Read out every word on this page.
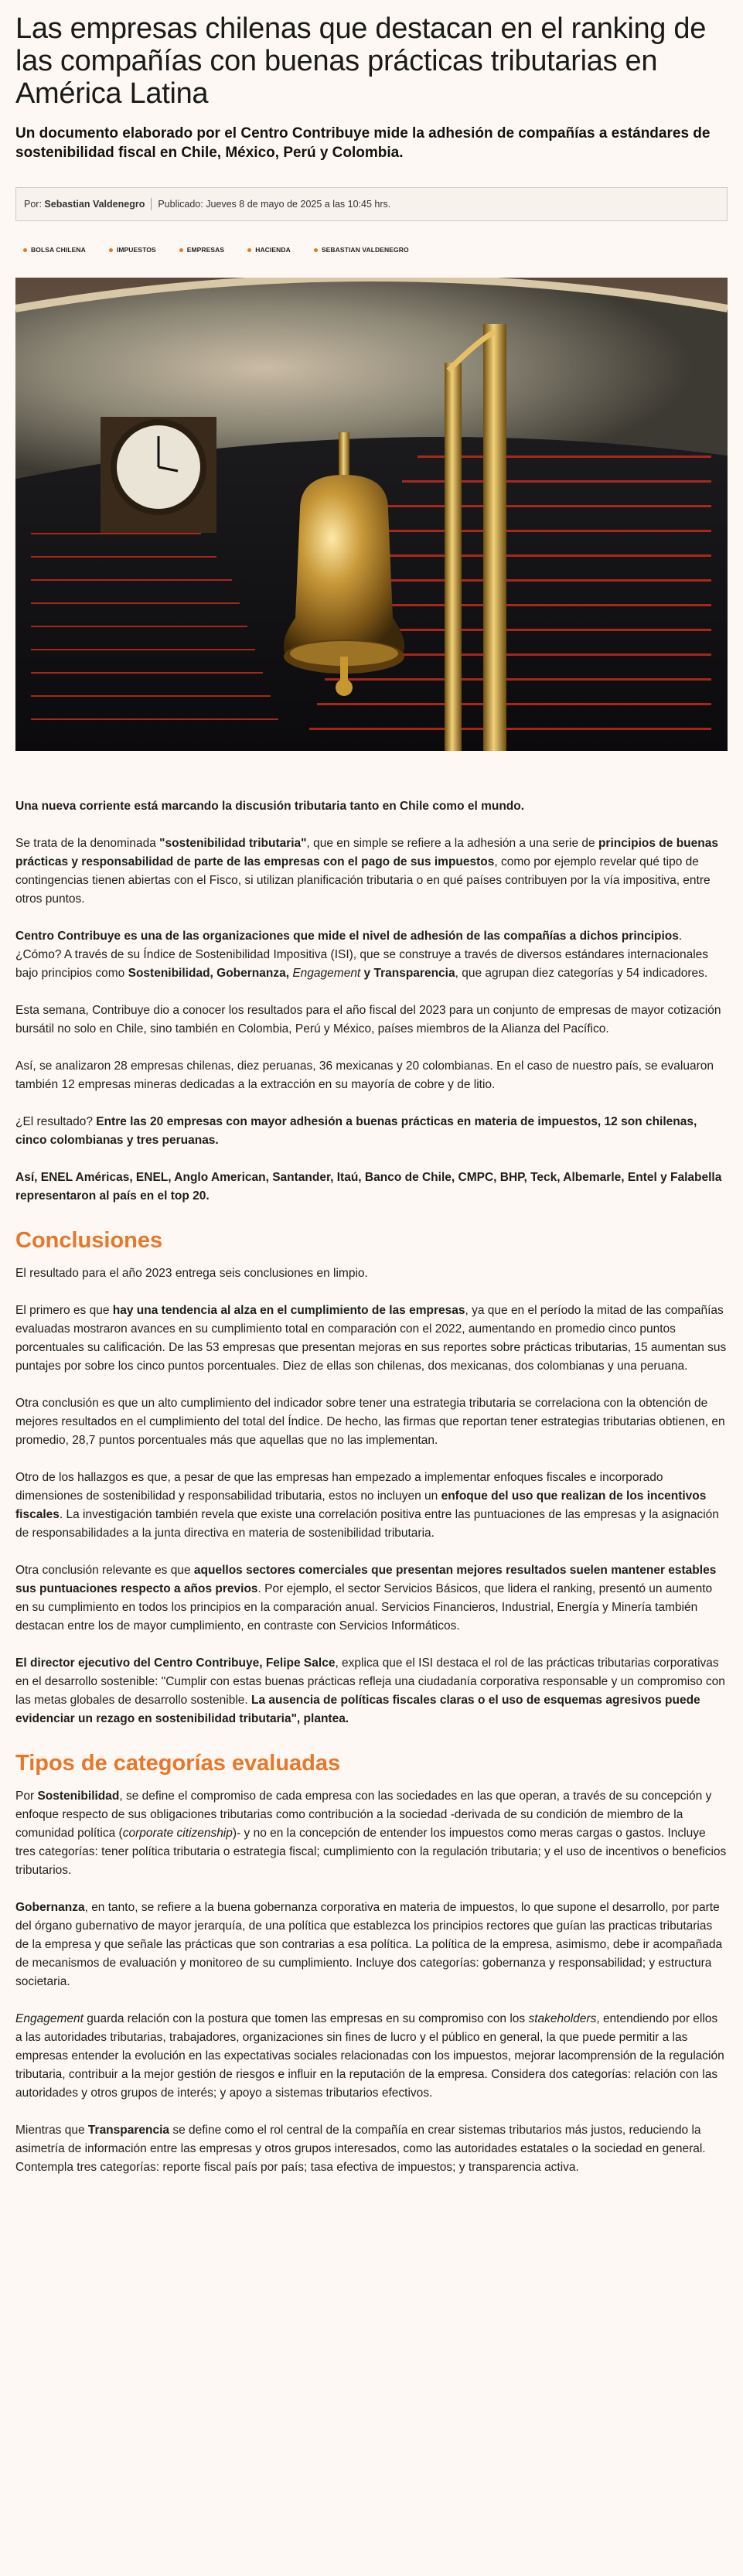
Las empresas chilenas que destacan en el ranking de las compañías con buenas prácticas tributarias en América Latina
Un documento elaborado por el Centro Contribuye mide la adhesión de compañías a estándares de sostenibilidad fiscal en Chile, México, Perú y Colombia.
Por:
Sebastian Valdenegro Publicado: Jueves 8 de mayo de 2025 a las 10:45 hrs.
BOLSA CHILENA	IMPUESTOS	EMPRESAS	HACIENDA	SEBASTIAN VALDENEGRO

Una nueva corriente está marcando la discusión tributaria tanto en Chile como el mundo.

Se trata de la denominada "sostenibilidad tributaria", que en simple se refiere a la adhesión a una serie de principios de buenas prácticas y responsabilidad de parte de las empresas con el pago de sus impuestos, como por ejemplo revelar qué tipo de contingencias tienen abiertas con el Fisco, si utilizan planificación tributaria o en qué países contribuyen por la vía impositiva, entre otros puntos.

Centro Contribuye es una de las organizaciones que mide el nivel de adhesión de las compañías a dichos principios. ¿Cómo? A través de su Índice de Sostenibilidad Impositiva (ISI), que se construye a través de diversos estándares internacionales bajo principios como Sostenibilidad, Gobernanza, Engagement y Transparencia, que agrupan diez categorías y 54 indicadores.

Esta semana, Contribuye dio a conocer los resultados para el año fiscal del 2023 para un conjunto de empresas de mayor cotización bursátil no solo en Chile, sino también en Colombia, Perú y México, países miembros de la Alianza del Pacífico.

Así, se analizaron 28 empresas chilenas, diez peruanas, 36 mexicanas y 20 colombianas. En el caso de nuestro país, se evaluaron también 12 empresas mineras dedicadas a la extracción en su mayoría de cobre y de litio.

¿El resultado? Entre las 20 empresas con mayor adhesión a buenas prácticas en materia de impuestos, 12 son chilenas, cinco colombianas y tres peruanas.

Así, ENEL Américas, ENEL, Anglo American, Santander, Itaú, Banco de Chile, CMPC, BHP, Teck, Albemarle, Entel y Falabella representaron al país en el top 20.

Conclusiones

El resultado para el año 2023 entrega seis conclusiones en limpio.

El primero es que hay una tendencia al alza en el cumplimiento de las empresas, ya que en el período la mitad de las compañías evaluadas mostraron avances en su cumplimiento total en comparación con el 2022, aumentando en promedio cinco puntos porcentuales su calificación. De las 53 empresas que presentan mejoras en sus reportes sobre prácticas tributarias, 15 aumentan sus puntajes por sobre los cinco puntos porcentuales. Diez de ellas son chilenas, dos mexicanas, dos colombianas y una peruana.

Otra conclusión es que un alto cumplimiento del indicador sobre tener una estrategia tributaria se correlaciona con la obtención de mejores resultados en el cumplimiento del total del Índice. De hecho, las firmas que reportan tener estrategias tributarias obtienen, en promedio, 28,7 puntos porcentuales más que aquellas que no las implementan.

Otro de los hallazgos es que, a pesar de que las empresas han empezado a implementar enfoques fiscales e incorporado dimensiones de sostenibilidad y responsabilidad tributaria, estos no incluyen un enfoque del uso que realizan de los incentivos fiscales. La investigación también revela que existe una correlación positiva entre las puntuaciones de las empresas y la asignación de responsabilidades a la junta directiva en materia de sostenibilidad tributaria.

Otra conclusión relevante es que aquellos sectores comerciales que presentan mejores resultados suelen mantener estables sus puntuaciones respecto a años previos. Por ejemplo, el sector Servicios Básicos, que lidera el ranking, presentó un aumento en su cumplimiento en todos los principios en la comparación anual. Servicios Financieros, Industrial, Energía y Minería también destacan entre los de mayor cumplimiento, en contraste con Servicios Informáticos.

El director ejecutivo del Centro Contribuye, Felipe Salce, explica que el ISI destaca el rol de las prácticas tributarias corporativas en el desarrollo sostenible: "Cumplir con estas buenas prácticas refleja una ciudadanía corporativa responsable y un compromiso con las metas globales de desarrollo sostenible. La ausencia de políticas fiscales claras o el uso de esquemas agresivos puede evidenciar un rezago en sostenibilidad tributaria", plantea.

Tipos de categorías evaluadas

Por Sostenibilidad, se define el compromiso de cada empresa con las sociedades en las que operan, a través de su concepción y enfoque respecto de sus obligaciones tributarias como contribución a la sociedad -derivada de su condición de miembro de la comunidad política (corporate citizenship)- y no en la concepción de entender los impuestos como meras cargas o gastos. Incluye tres categorías: tener política tributaria o estrategia fiscal; cumplimiento con la regulación tributaria; y el uso de incentivos o beneficios tributarios.

Gobernanza, en tanto, se refiere a la buena gobernanza corporativa en materia de impuestos, lo que supone el desarrollo, por parte del órgano gubernativo de mayor jerarquía, de una política que establezca los principios rectores que guían las practicas tributarias de la empresa y que señale las prácticas que son contrarias a esa política. La política de la empresa, asimismo, debe ir acompañada de mecanismos de evaluación y monitoreo de su cumplimiento. Incluye dos categorías: gobernanza y responsabilidad; y estructura societaria.

Engagement guarda relación con la postura que tomen las empresas en su compromiso con los stakeholders, entendiendo por ellos a las autoridades tributarias, trabajadores, organizaciones sin fines de lucro y el público en general, la que puede permitir a las empresas entender la evolución en las expectativas sociales relacionadas con los impuestos, mejorar lacomprensión de la regulación tributaria, contribuir a la mejor gestión de riesgos e influir en la reputación de la empresa. Considera dos categorías: relación con las autoridades y otros grupos de interés; y apoyo a sistemas tributarios efectivos.

Mientras que Transparencia se define como el rol central de la compañía en crear sistemas tributarios más justos, reduciendo la asimetría de información entre las empresas y otros grupos interesados, como las autoridades estatales o la sociedad en general. Contempla tres categorías: reporte fiscal país por país; tasa efectiva de impuestos; y transparencia activa.
